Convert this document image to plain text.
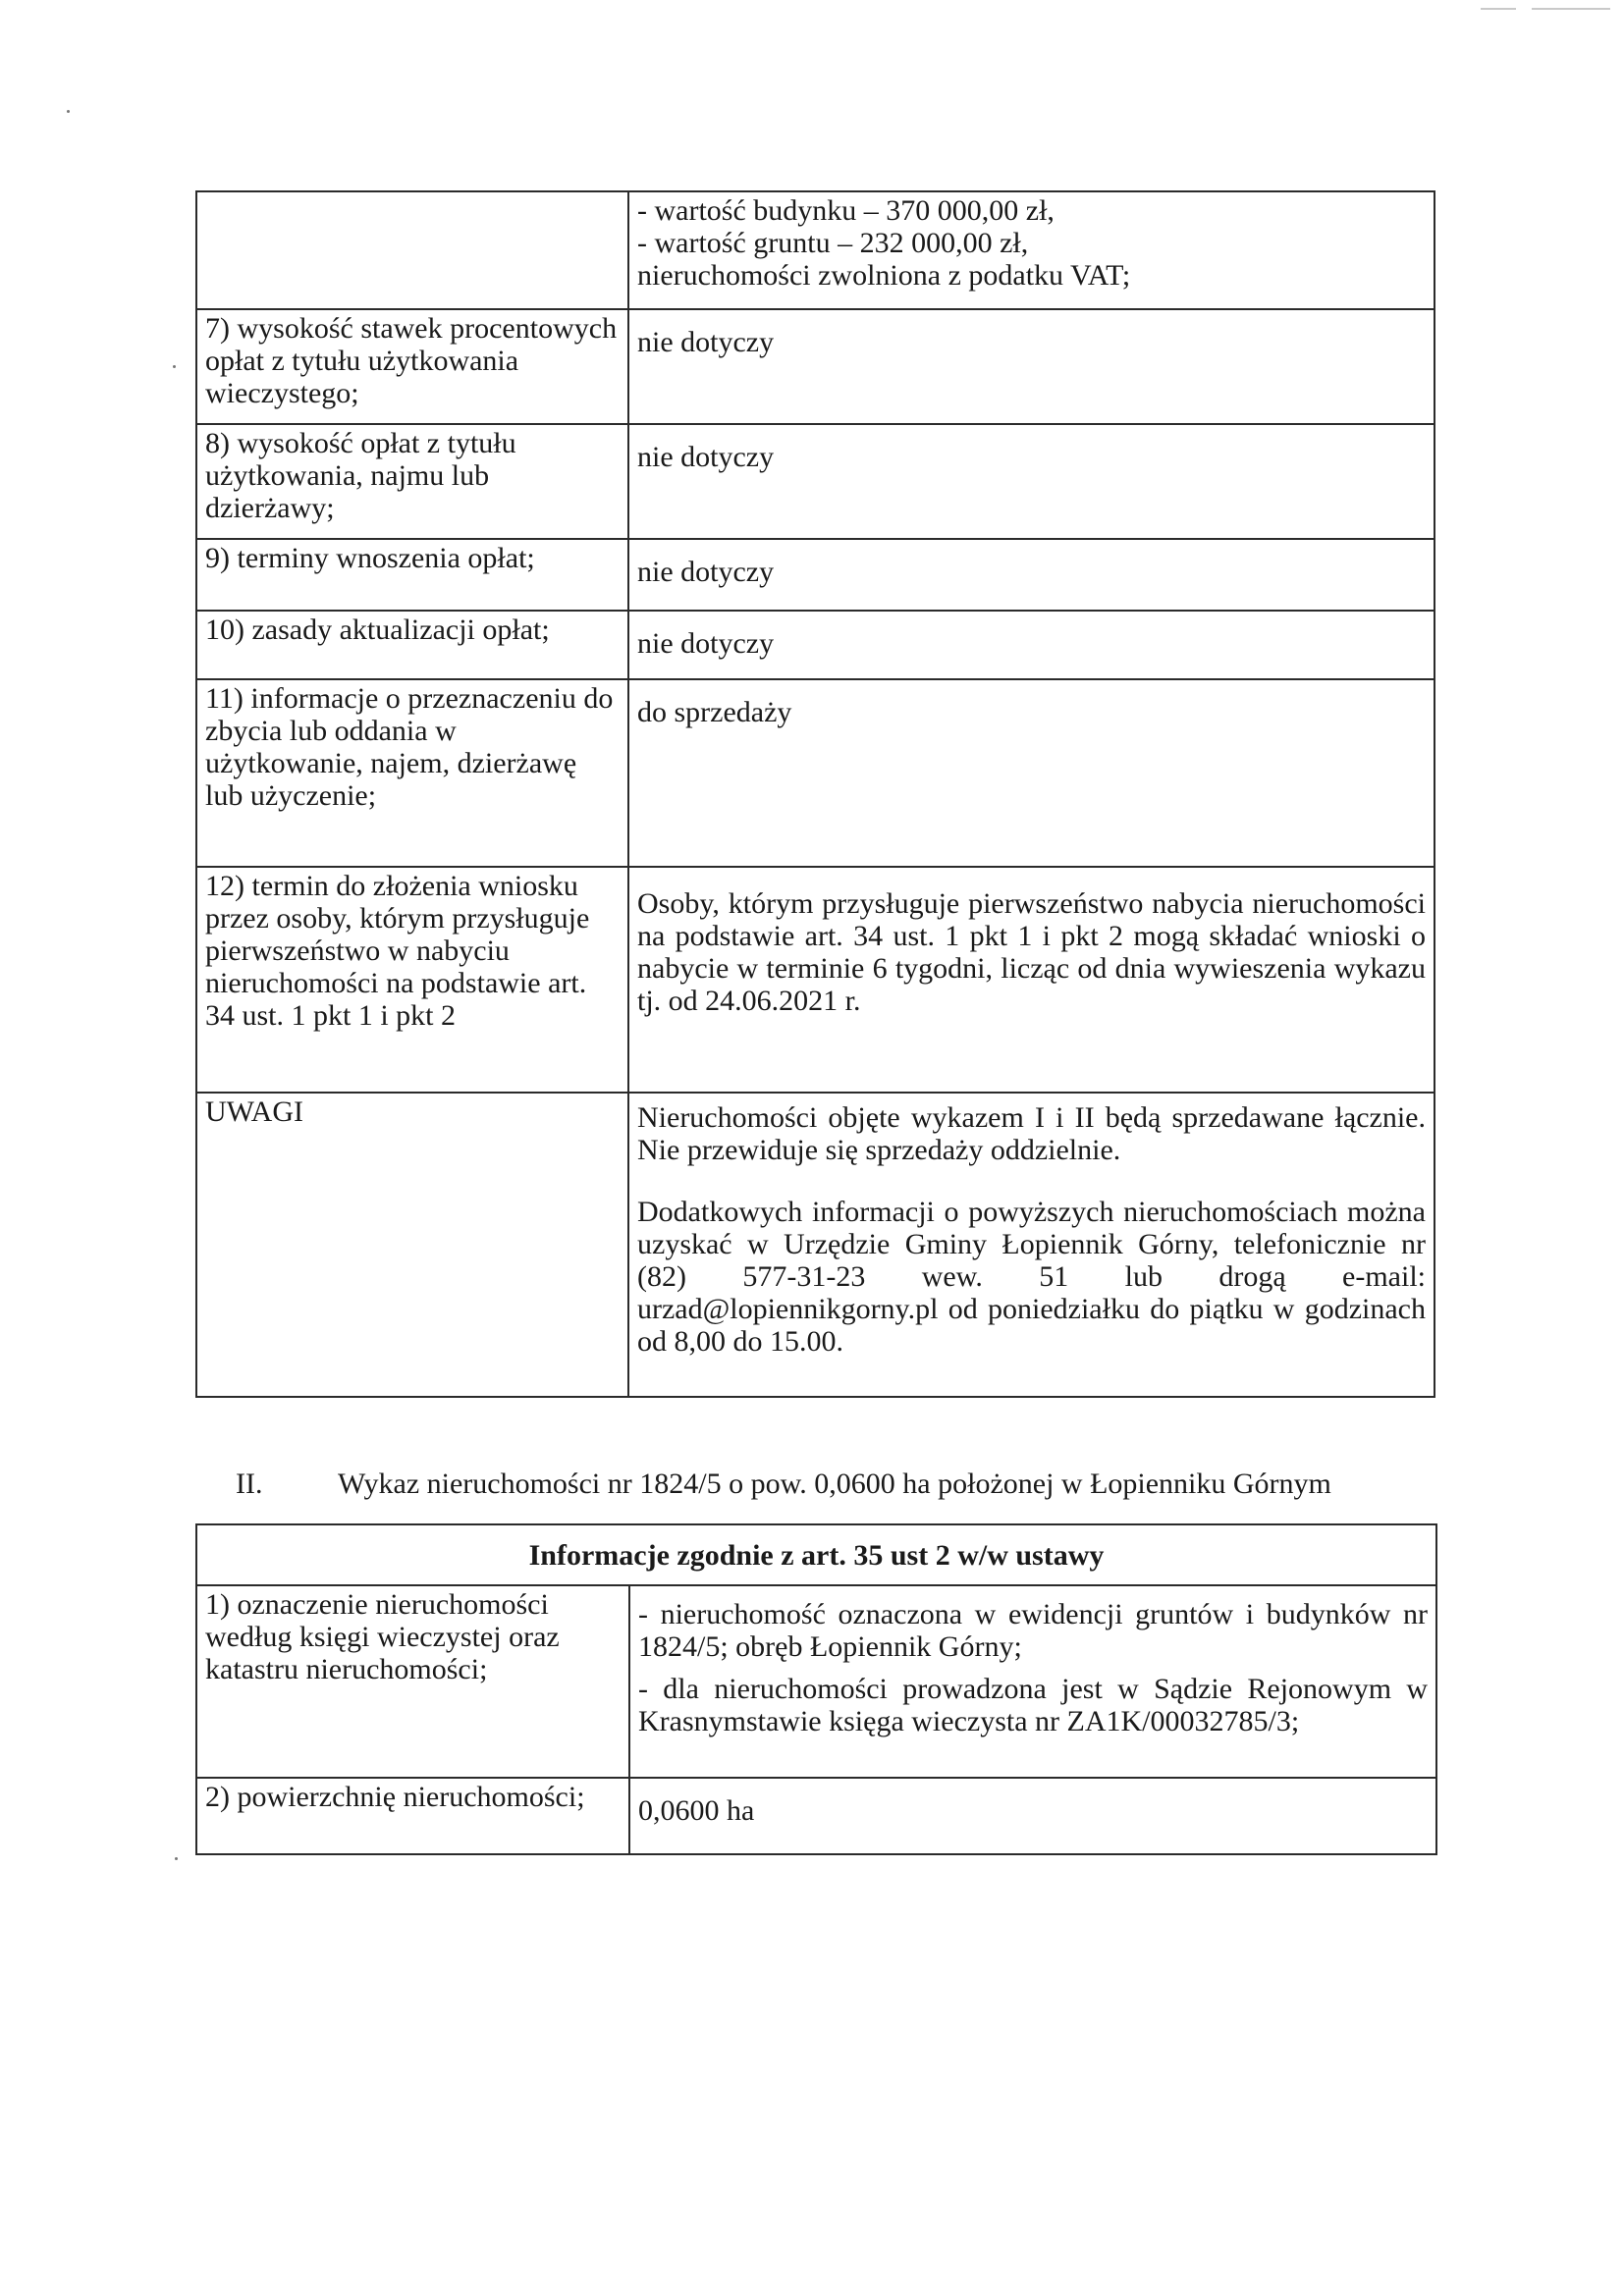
	- wartość budynku – 370 000,00 zł,
- wartość gruntu – 232 000,00 zł,
nieruchomości zwolniona z podatku VAT;

7) wysokość stawek procentowych opłat z tytułu użytkowania wieczystego;	nie dotyczy
8) wysokość opłat z tytułu użytkowania, najmu lub dzierżawy;	nie dotyczy
9) terminy wnoszenia opłat;	nie dotyczy
10) zasady aktualizacji opłat;	nie dotyczy
11) informacje o przeznaczeniu do zbycia lub oddania w użytkowanie, najem, dzierżawę lub użyczenie;	do sprzedaży
12) termin do złożenia wniosku przez osoby, którym przysługuje pierwszeństwo w nabyciu nieruchomości na podstawie art. 34 ust. 1 pkt 1 i pkt 2	Osoby, którym przysługuje pierwszeństwo nabycia nieruchomości na podstawie art. 34 ust. 1 pkt 1 i pkt 2 mogą składać wnioski o nabycie w terminie 6 tygodni, licząc od dnia wywieszenia wykazu tj. od 24.06.2021 r.
UWAGI	Nieruchomości objęte wykazem I i II będą sprzedawane łącznie. Nie przewiduje się sprzedaży oddzielnie.
Dodatkowych informacji o powyższych nieruchomościach można uzyskać w Urzędzie Gminy Łopiennik Górny, telefonicznie nr (82) 577-31-23 wew. 51 lub drogą e-mail: urzad@lopiennikgorny.pl od poniedziałku do piątku w godzinach od 8,00 do 15.00.
II.	Wykaz nieruchomości nr 1824/5 o pow. 0,0600 ha położonej w Łopienniku Górnym
Informacje zgodnie z art. 35 ust 2 w/w ustawy	
1) oznaczenie nieruchomości według księgi wieczystej oraz katastru nieruchomości;	- nieruchomość oznaczona w ewidencji gruntów i budynków nr 1824/5; obręb Łopiennik Górny;
- dla nieruchomości prowadzona jest w Sądzie Rejonowym w Krasnymstawie księga wieczysta nr ZA1K/00032785/3;

2) powierzchnię nieruchomości;	0,0600 ha
